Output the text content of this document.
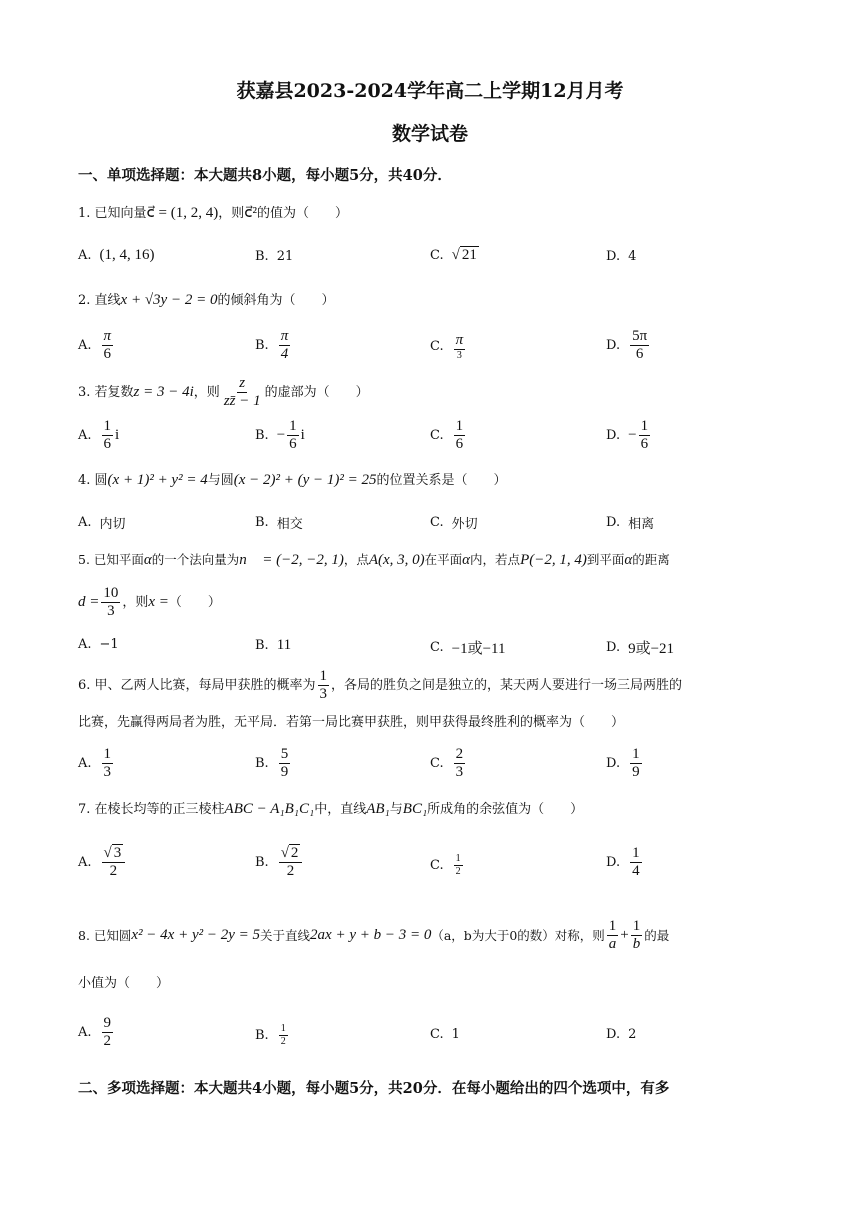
获嘉县2023-2024学年高二上学期12月月考
数学试卷
一、单项选择题：本大题共8小题，每小题5分，共40分．
1. 已知向量c⃗ = (1, 2, 4)，则c⃗²的值为（　　）
A. (1, 4, 16)	B. 21	C. √ 21	D. 4
2. 直线x + √3y − 2 = 0的倾斜角为（　　）
A. $\frac{\pi}{6}$	B. $\frac{\pi}{4}$	C. $\frac{\pi}{3}$	D. $\frac{5\pi}{6}$
3. 若复数 z = 3 − 4i ，则 $\frac{z}{zz̄ - 1}$ 的虚部为（　　）
A. $\frac{1}{6}$ i	B. − $\frac{1}{6}$ i	C. $\frac{1}{6}$	D. − $\frac{1}{6}$
4. 圆(x + 1)² + y² = 4与圆(x − 2)² + (y − 1)² = 25的位置关系是（　　）
A. 内切	B. 相交	C. 外切	D. 相离
5. 已知平面α的一个法向量为n⃗ = (−2, −2, 1)，点A(x, 3, 0)在平面α内，若点P(−2, 1, 4)到平面α的距离
$d = \frac{10}{3}$ ，则 x = （　　）
A. −1	B. 11	C. −1或−11	D. 9或−21
6. 甲、乙两人比赛，每局甲获胜的概率为 $\frac{1}{3}$ ，各局的胜负之间是独立的，某天两人要进行一场三局两胜的
比赛，先赢得两局者为胜，无平局．若第一局比赛甲获胜，则甲获得最终胜利的概率为（　　）
A. $\frac{1}{3}$	B. $\frac{5}{9}$	C. $\frac{2}{3}$	D. $\frac{1}{9}$
7. 在棱长均等的正三棱柱ABC − A₁B₁C₁中，直线AB₁与BC₁所成角的余弦值为（　　）
A. $\frac{√ 3}{2}$	B. $\frac{√ 2}{2}$	C. $\frac{1}{2}$	D. $\frac{1}{4}$
8. 已知圆 x² − 4x + y² − 2y = 5 关于直线 2ax + y + b − 3 = 0 （a，b为大于0的数）对称，则 $\frac{1}{a} + \frac{1}{b}$ 的最
小值为（　　）
A. $\frac{9}{2}$	B. $\frac{1}{2}$	C. 1	D. 2
二、多项选择题：本大题共4小题，每小题5分，共20分．在每小题给出的四个选项中，有多
